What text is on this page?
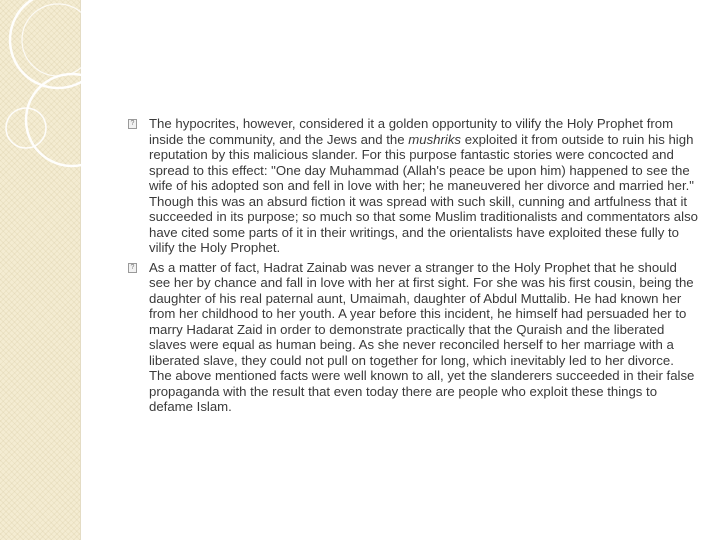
? The hypocrites, however, considered it a golden opportunity to vilify the Holy Prophet from inside the community, and the Jews and the mushriks exploited it from outside to ruin his high reputation by this malicious slander. For this purpose fantastic stories were concocted and spread to this effect: "One day Muhammad (Allah's peace be upon him) happened to see the wife of his adopted son and fell in love with her; he maneuvered her divorce and married her." Though this was an absurd fiction it was spread with such skill, cunning and artfulness that it succeeded in its purpose; so much so that some Muslim traditionalists and commentators also have cited some parts of it in their writings, and the orientalists have exploited these fully to vilify the Holy Prophet.
? As a matter of fact, Hadrat Zainab was never a stranger to the Holy Prophet that he should see her by chance and fall in love with her at first sight. For she was his first cousin, being the daughter of his real paternal aunt, Umaimah, daughter of Abdul Muttalib. He had known her from her childhood to her youth. A year before this incident, he himself had persuaded her to marry Hadarat Zaid in order to demonstrate practically that the Quraish and the liberated slaves were equal as human being. As she never reconciled herself to her marriage with a liberated slave, they could not pull on together for long, which inevitably led to her divorce. The above mentioned facts were well known to all, yet the slanderers succeeded in their false propaganda with the result that even today there are people who exploit these things to defame Islam.
